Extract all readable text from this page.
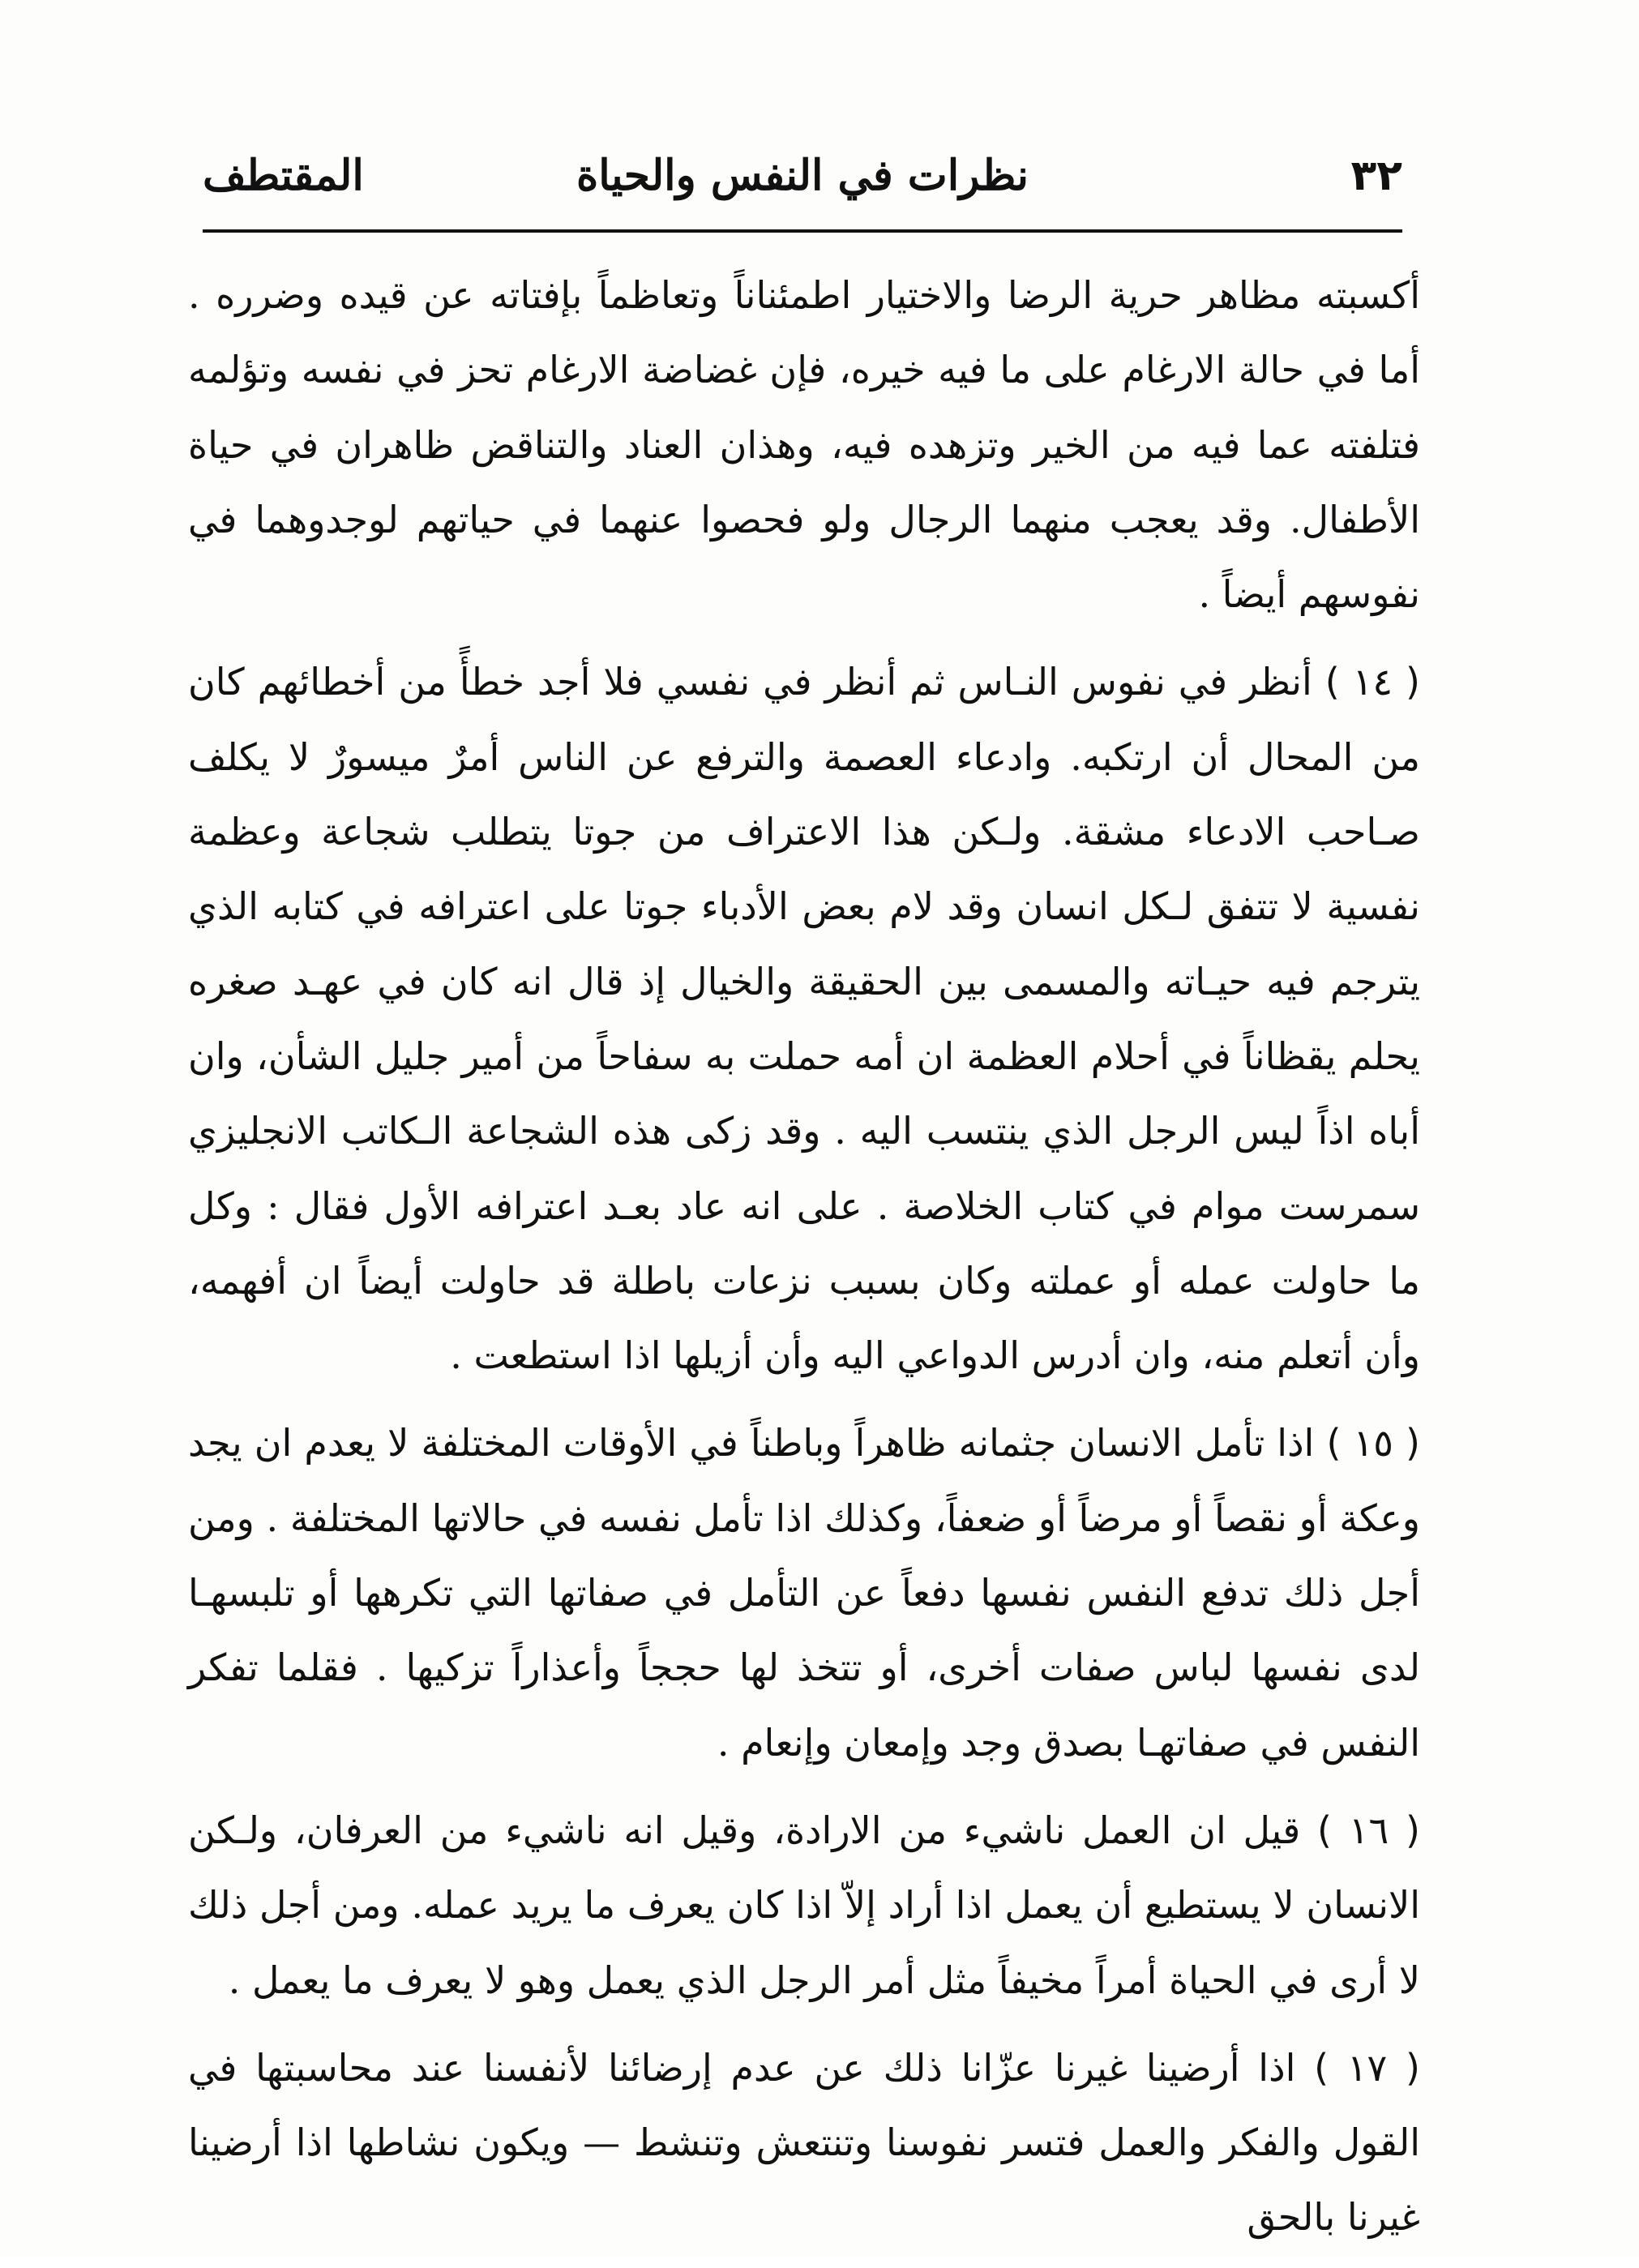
٣٢
نظرات في النفس والحياة
المقتطف

أكسبته مظاهر حرية الرضا والاختيار اطمئناناً وتعاظماً بإفتاته عن قيده وضرره . أما في حالة الارغام على ما فيه خيره، فإن غضاضة الارغام تحز في نفسه وتؤلمه فتلفته عما فيه من الخير وتزهده فيه، وهذان العناد والتناقض ظاهران في حياة الأطفال. وقد يعجب منهما الرجال ولو فحصوا عنهما في حياتهم لوجدوهما في نفوسهم أيضاً .

( ١٤ ) أنظر في نفوس النـاس ثم أنظر في نفسي فلا أجد خطأً من أخطائهم كان من المحال أن ارتكبه. وادعاء العصمة والترفع عن الناس أمرٌ ميسورٌ لا يكلف صـاحب الادعاء مشقة. ولـكن هذا الاعتراف من جوتا يتطلب شجاعة وعظمة نفسية لا تتفق لـكل انسان وقد لام بعض الأدباء جوتا على اعترافه في كتابه الذي يترجم فيه حيـاته والمسمى بين الحقيقة والخيال إذ قال انه كان في عهـد صغره يحلم يقظاناً في أحلام العظمة ان أمه حملت به سفاحاً من أمير جليل الشأن، وان أباه اذاً ليس الرجل الذي ينتسب اليه . وقد زكى هذه الشجاعة الـكاتب الانجليزي سمرست موام في كتاب الخلاصة . على انه عاد بعـد اعترافه الأول فقال : وكل ما حاولت عمله أو عملته وكان بسبب نزعات باطلة قد حاولت أيضاً ان أفهمه، وأن أتعلم منه، وان أدرس الدواعي اليه وأن أزيلها اذا استطعت .

( ١٥ ) اذا تأمل الانسان جثمانه ظاهراً وباطناً في الأوقات المختلفة لا يعدم ان يجد وعكة أو نقصاً أو مرضاً أو ضعفاً، وكذلك اذا تأمل نفسه في حالاتها المختلفة . ومن أجل ذلك تدفع النفس نفسها دفعاً عن التأمل في صفاتها التي تكرهها أو تلبسهـا لدى نفسها لباس صفات أخرى، أو تتخذ لها حججاً وأعذاراً تزكيها . فقلما تفكر النفس في صفاتهـا بصدق وجد وإمعان وإنعام .

( ١٦ ) قيل ان العمل ناشيء من الارادة، وقيل انه ناشيء من العرفان، ولـكن الانسان لا يستطيع أن يعمل اذا أراد إلاّ اذا كان يعرف ما يريد عمله. ومن أجل ذلك لا أرى في الحياة أمراً مخيفاً مثل أمر الرجل الذي يعمل وهو لا يعرف ما يعمل .

( ١٧ ) اذا أرضينا غيرنا عزّانا ذلك عن عدم إرضائنا لأنفسنا عند محاسبتها في القول والفكر والعمل فتسر نفوسنا وتنتعش وتنشط — ويكون نشاطها اذا أرضينا غيرنا بالحق
